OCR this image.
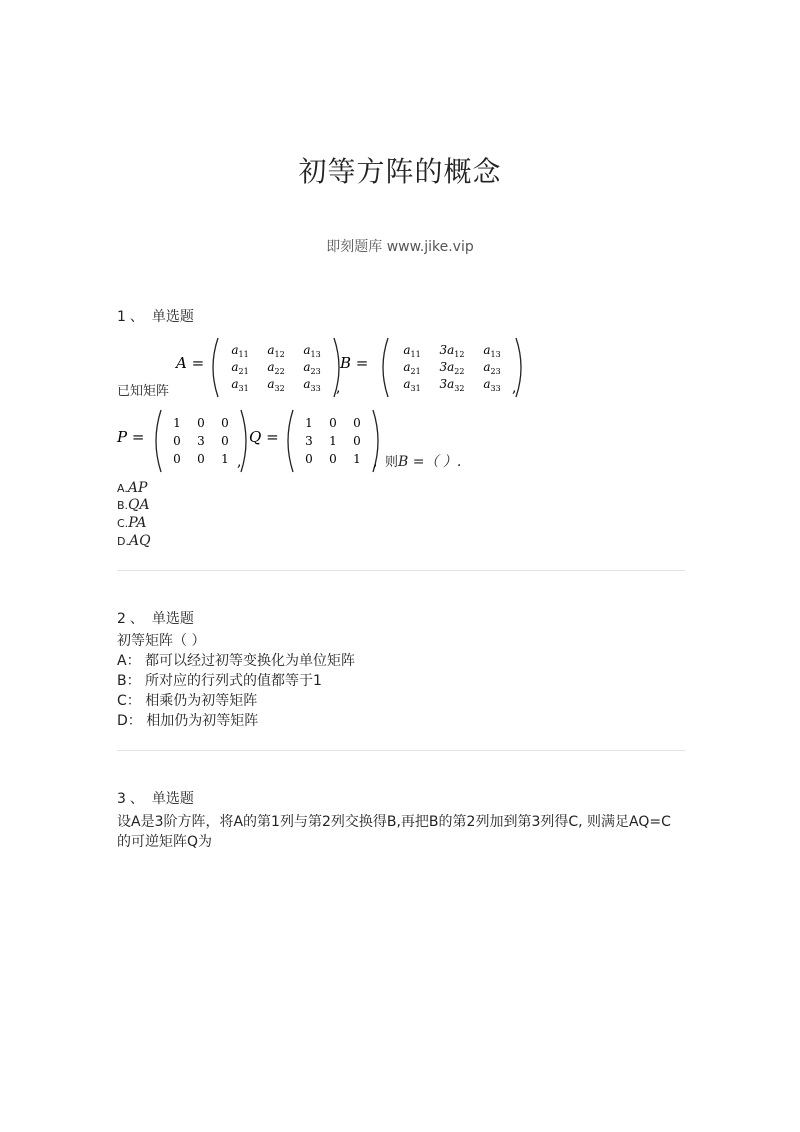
初等方阵的概念
即刻题库 www.jike.vip
1 、 单选题
A =
$a_{11}$ $a_{12}$ $a_{13}$
$a_{21}$ $a_{22}$ $a_{23}$
$a_{31}$ $a_{32}$ $a_{33}$
B =
$a_{11}$ $3a_{12}$ $a_{13}$
$a_{21}$ $3a_{22}$ $a_{23}$
$a_{31}$ $3a_{32}$ $a_{33}$
,	,
已知矩阵
P =
1 0 0
0 3 0
0 0 1
Q =
1 0 0
3 1 0
0 0 1
,	, 则B =（ ）.
A.AP
B.QA
C.PA
D.AQ
2 、 单选题
初等矩阵（ ）
A： 都可以经过初等变换化为单位矩阵
B： 所对应的行列式的值都等于1
C： 相乘仍为初等矩阵
D： 相加仍为初等矩阵
3 、 单选题
设A是3阶方阵，将A的第1列与第2列交换得B,再把B的第2列加到第3列得C, 则满足AQ=C
的可逆矩阵Q为
